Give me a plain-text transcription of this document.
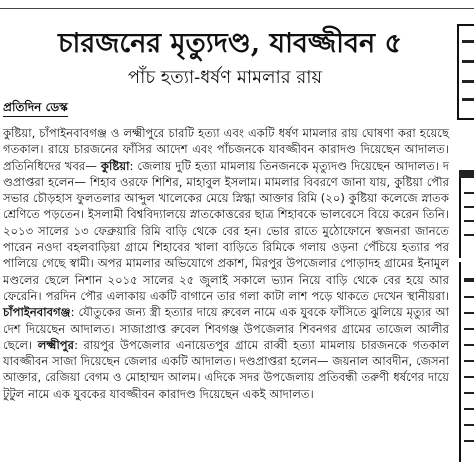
চারজনের মৃত্যুদণ্ড, যাবজ্জীবন ৫
পাঁচ হত্যা-ধর্ষণ মামলার রায়
প্রতিদিন ডেস্ক

কুষ্টিয়া, চাঁপাইনবাবগঞ্জ ও লক্ষ্মীপুরে চারটি হত্যা এবং একটি ধর্ষণ মামলার রায় ঘোষণা করা হয়েছে গতকাল। রায়ে চারজনের ফাঁসির আদেশ এবং পাঁচজনকে যাবজ্জীবন কারাদণ্ড দিয়েছেন আদালত। প্রতিনিধিদের খবর— কুষ্টিয়া: জেলায় দুটি হত্যা মামলায় তিনজনকে মৃত্যুদণ্ড দিয়েছেন আদালত। দণ্ডপ্রাপ্তরা হলেন— শিহাব ওরফে শিশির, মাহাবুল ইসলাম। মামলার বিবরণে জানা যায়, কুষ্টিয়া পৌরসভার চৌড়হাস ফুলতলার আব্দুল খালেকের মেয়ে স্নিগ্ধা আক্তার রিমি (২০) কুষ্টিয়া কলেজে স্নাতক শ্রেণিতে পড়তেন। ইসলামী বিশ্ববিদ্যালয়ে স্নাতকোত্তরের ছাত্র শিহাবকে ভালবেসে বিয়ে করেন তিনি। ২০১৩ সালের ১৩ ফেব্রুয়ারি রিমি বাড়ি থেকে বের হন। ভোর রাতে মুঠোফোনে স্বজনরা জানতে পারেন নওদা বহলবাড়িয়া গ্রামে শিহাবের খালা বাড়িতে রিমিকে গলায় ওড়না পেঁচিয়ে হত্যার পর পালিয়ে গেছে স্বামী। অপর মামলার অভিযোগে প্রকাশ, মিরপুর উপজেলার পোড়াদহ গ্রামের ইনামুল মণ্ডলের ছেলে নিশান ২০১৫ সালের ২৫ জুলাই সকালে ভ্যান নিয়ে বাড়ি থেকে বের হয়ে আর ফেরেনি। পরদিন পৌর এলাকায় একটি বাগানে তার গলা কাটা লাশ পড়ে থাকতে দেখেন স্থানীয়রা। চাঁপাইনবাবগঞ্জ: যৌতুকের জন্য স্ত্রী হত্যার দায়ে রুবেল নামে এক যুবকে ফাঁসিতে ঝুলিয়ে মৃত্যুর আদেশ দিয়েছেন আদালত। সাজাপ্রাপ্ত রুবেল শিবগঞ্জ উপজেলার শিবনগর গ্রামের তাজেল আলীর ছেলে। লক্ষ্মীপুর: রায়পুর উপজেলার এনায়েতপুর গ্রামে রাব্বী হত্যা মামলায় চারজনকে গতকাল যাবজ্জীবন সাজা দিয়েছেন জেলার একটি আদালত। দণ্ডপ্রাপ্তরা হলেন— জয়নাল আবদীন, জেসনা আক্তার, রেজিয়া বেগম ও মোহাম্মদ আলম। এদিকে সদর উপজেলায় প্রতিবন্ধী তরুণী ধর্ষণের দায়ে টুটুল নামে এক যুবকের যাবজ্জীবন কারাদণ্ড দিয়েছেন একই আদালত।
